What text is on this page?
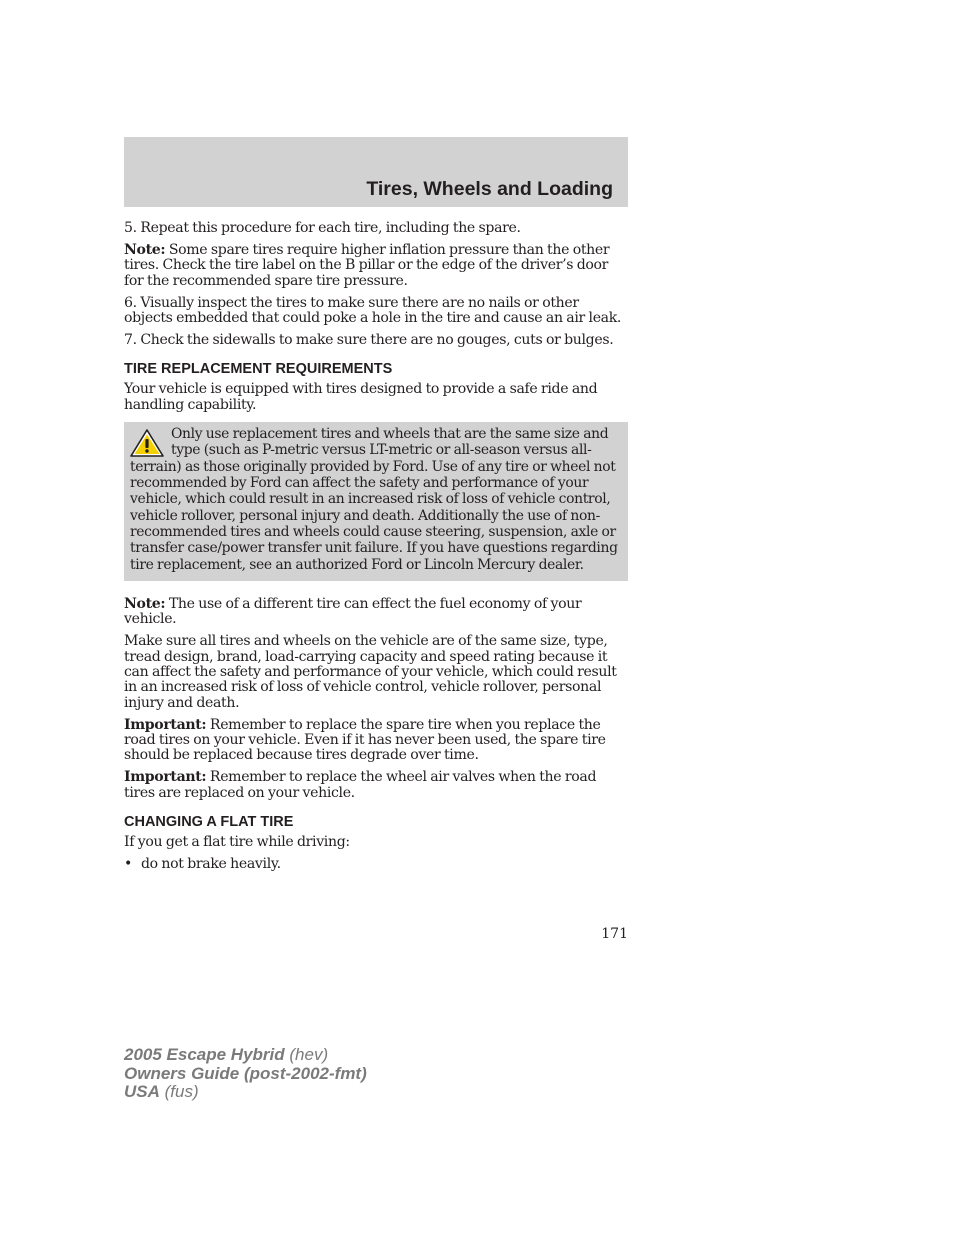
Tires, Wheels and Loading

5. Repeat this procedure for each tire, including the spare.

Note: Some spare tires require higher inflation pressure than the other tires. Check the tire label on the B pillar or the edge of the driver’s door for the recommended spare tire pressure.

6. Visually inspect the tires to make sure there are no nails or other objects embedded that could poke a hole in the tire and cause an air leak.

7. Check the sidewalls to make sure there are no gouges, cuts or bulges.

TIRE REPLACEMENT REQUIREMENTS

Your vehicle is equipped with tires designed to provide a safe ride and handling capability.

Only use replacement tires and wheels that are the same size and type (such as P-metric versus LT-metric or all-season versus all-terrain) as those originally provided by Ford. Use of any tire or wheel not recommended by Ford can affect the safety and performance of your vehicle, which could result in an increased risk of loss of vehicle control, vehicle rollover, personal injury and death. Additionally the use of non-recommended tires and wheels could cause steering, suspension, axle or transfer case/power transfer unit failure. If you have questions regarding tire replacement, see an authorized Ford or Lincoln Mercury dealer.

Note: The use of a different tire can effect the fuel economy of your vehicle.

Make sure all tires and wheels on the vehicle are of the same size, type, tread design, brand, load-carrying capacity and speed rating because it can affect the safety and performance of your vehicle, which could result in an increased risk of loss of vehicle control, vehicle rollover, personal injury and death.

Important: Remember to replace the spare tire when you replace the road tires on your vehicle. Even if it has never been used, the spare tire should be replaced because tires degrade over time.

Important: Remember to replace the wheel air valves when the road tires are replaced on your vehicle.

CHANGING A FLAT TIRE

If you get a flat tire while driving:

• do not brake heavily.
171
2005 Escape Hybrid (hev)
Owners Guide (post-2002-fmt)
USA (fus)
